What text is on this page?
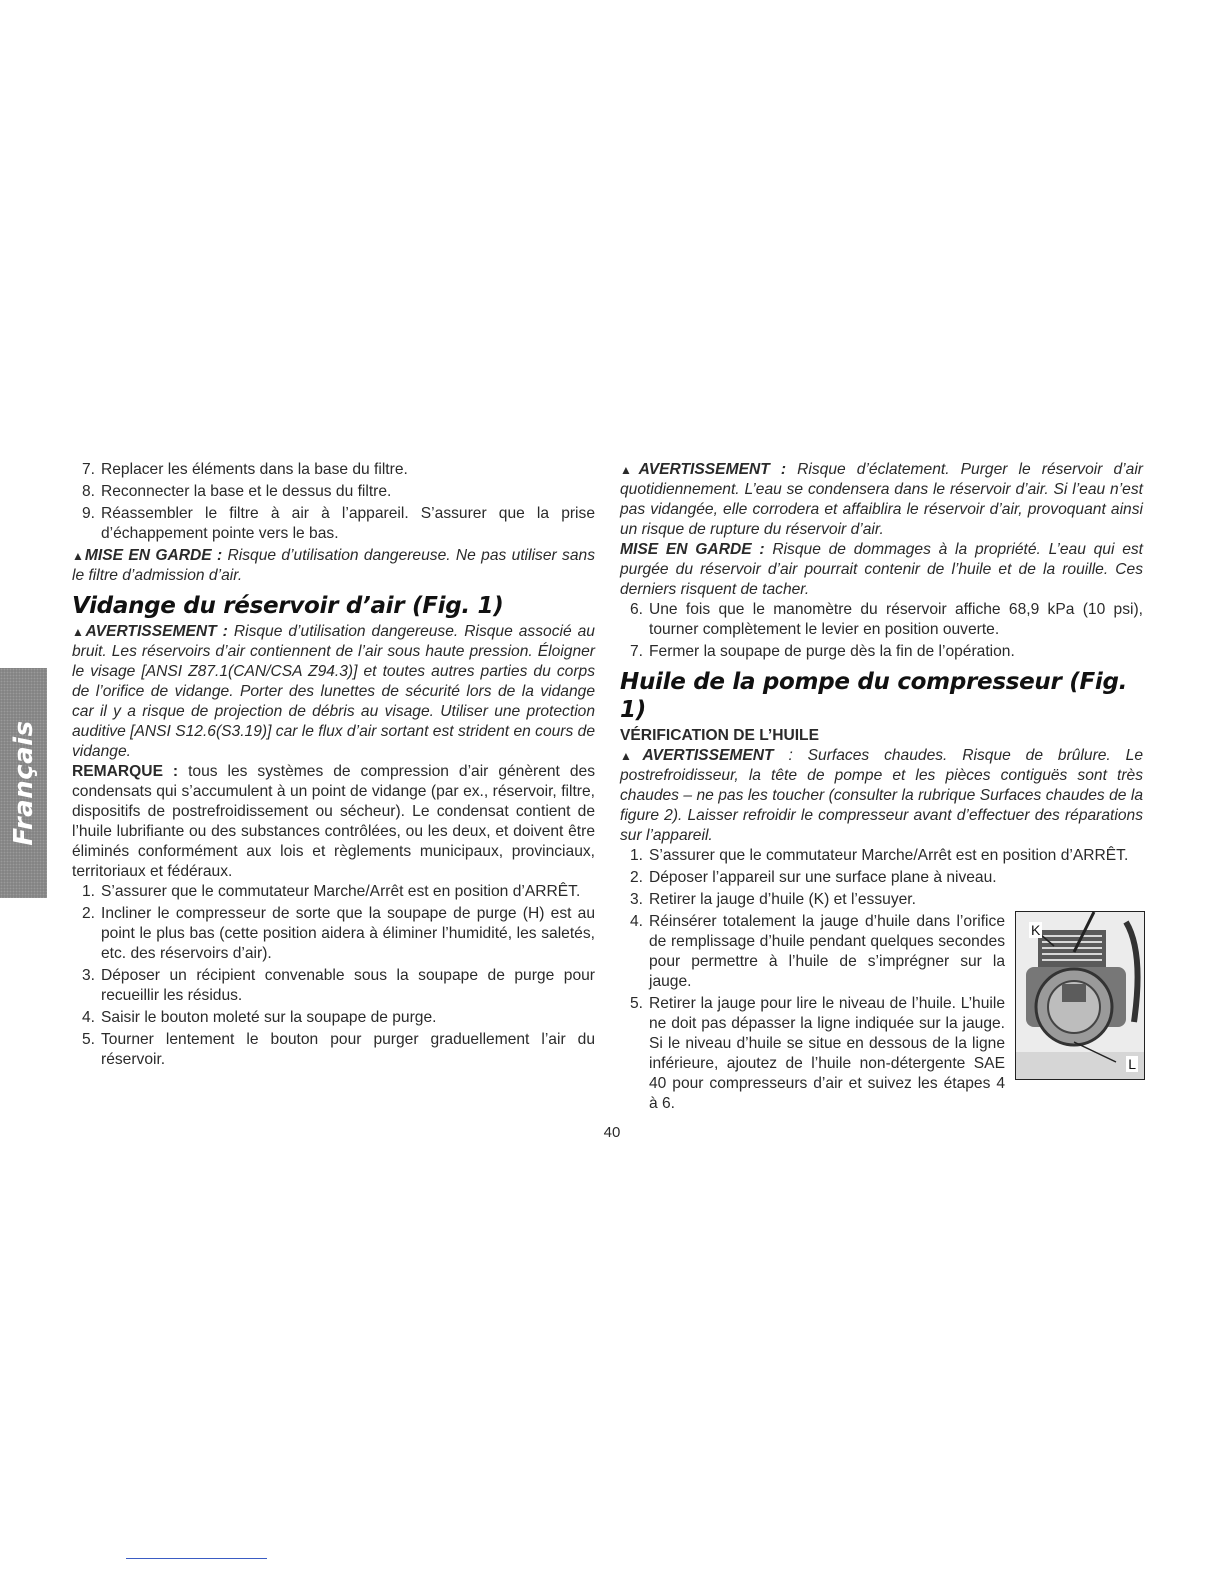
Français
7. Replacer les éléments dans la base du filtre.
8. Reconnecter la base et le dessus du filtre.
9. Réassembler le filtre à air à l’appareil. S’assurer que la prise d’échappement pointe vers le bas.

▲MISE EN GARDE : Risque d’utilisation dangereuse. Ne pas utiliser sans le filtre d’admission d’air.

Vidange du réservoir d’air (Fig. 1)

▲AVERTISSEMENT : Risque d’utilisation dangereuse. Risque associé au bruit. Les réservoirs d’air contiennent de l’air sous haute pression. Éloigner le visage [ANSI Z87.1(CAN/CSA Z94.3)] et toutes autres parties du corps de l’orifice de vidange. Porter des lunettes de sécurité lors de la vidange car il y a risque de projection de débris au visage. Utiliser une protection auditive [ANSI S12.6(S3.19)] car le flux d’air sortant est strident en cours de vidange.

REMARQUE : tous les systèmes de compression d’air génèrent des condensats qui s’accumulent à un point de vidange (par ex., réservoir, filtre, dispositifs de postrefroidissement ou sécheur). Le condensat contient de l’huile lubrifiante ou des substances contrôlées, ou les deux, et doivent être éliminés conformément aux lois et règlements municipaux, provinciaux, territoriaux et fédéraux.

1. S’assurer que le commutateur Marche/Arrêt est en position d’ARRÊT.
2. Incliner le compresseur de sorte que la soupape de purge (H) est au point le plus bas (cette position aidera à éliminer l’humidité, les saletés, etc. des réservoirs d’air).
3. Déposer un récipient convenable sous la soupape de purge pour recueillir les résidus.
4. Saisir le bouton moleté sur la soupape de purge.
5. Tourner lentement le bouton pour purger graduellement l’air du réservoir.

▲AVERTISSEMENT : Risque d’éclatement. Purger le réservoir d’air quotidiennement. L’eau se condensera dans le réservoir d’air. Si l’eau n’est pas vidangée, elle corrodera et affaiblira le réservoir d’air, provoquant ainsi un risque de rupture du réservoir d’air.

MISE EN GARDE : Risque de dommages à la propriété. L’eau qui est purgée du réservoir d’air pourrait contenir de l’huile et de la rouille. Ces derniers risquent de tacher.

6. Une fois que le manomètre du réservoir affiche 68,9 kPa (10 psi), tourner complètement le levier en position ouverte.
7. Fermer la soupape de purge dès la fin de l’opération.
Huile de la pompe du compresseur (Fig. 1)
VÉRIFICATION DE L’HUILE

▲AVERTISSEMENT : Surfaces chaudes. Risque de brûlure. Le postrefroidisseur, la tête de pompe et les pièces contiguës sont très chaudes – ne pas les toucher (consulter la rubrique Surfaces chaudes de la figure 2). Laisser refroidir le compresseur avant d’effectuer des réparations sur l’appareil.

1. S’assurer que le commutateur Marche/Arrêt est en position d’ARRÊT.
2. Déposer l’appareil sur une surface plane à niveau.
3. Retirer la jauge d’huile (K) et l’essuyer.
4. Réinsérer totalement la jauge d’huile dans l’orifice de remplissage d’huile pendant quelques secondes pour permettre à l’huile de s’imprégner sur la jauge.
5. Retirer la jauge pour lire le niveau de l’huile. L’huile ne doit pas dépasser la ligne indiquée sur la jauge. Si le niveau d’huile se situe en dessous de la ligne inférieure, ajoutez de l’huile non-détergente SAE 40 pour compresseurs d’air et suivez les étapes 4 à 6.
K
L
40
